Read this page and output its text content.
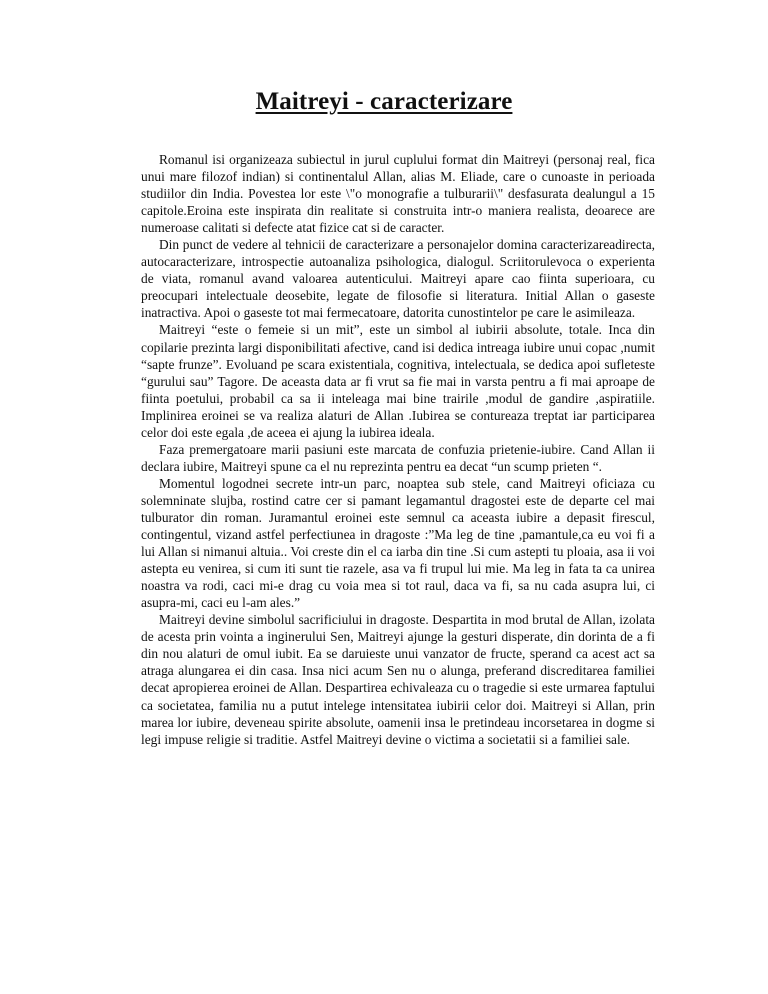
Maitreyi - caracterizare

Romanul isi organizeaza subiectul in jurul cuplului format din Maitreyi (personaj real, fica unui mare filozof indian) si continentalul Allan, alias M. Eliade, care o cunoaste in perioada studiilor din India. Povestea lor este \"o monografie a tulburarii\" desfasurata dealungul a 15 capitole.Eroina este inspirata din realitate si construita intr-o maniera realista, deoarece are numeroase calitati si defecte atat fizice cat si de caracter.

Din punct de vedere al tehnicii de caracterizare a personajelor domina caracterizareadirecta, autocaracterizare, introspectie autoanaliza psihologica, dialogul. Scriitorulevoca o experienta de viata, romanul avand valoarea autenticului. Maitreyi apare cao fiinta superioara, cu preocupari intelectuale deosebite, legate de filosofie si literatura. Initial Allan o gaseste inatractiva. Apoi o gaseste tot mai fermecatoare, datorita cunostintelor pe care le asimileaza.

Maitreyi “este o femeie si un mit”, este un simbol al iubirii absolute, totale. Inca din copilarie prezinta largi disponibilitati afective, cand isi dedica intreaga iubire unui copac ,numit “sapte frunze”. Evoluand pe scara existentiala, cognitiva, intelectuala, se dedica apoi sufleteste “gurului sau” Tagore. De aceasta data ar fi vrut sa fie mai in varsta pentru a fi mai aproape de fiinta poetului, probabil ca sa ii inteleaga mai bine trairile ,modul de gandire ,aspiratiile. Implinirea eroinei se va realiza alaturi de Allan .Iubirea se contureaza treptat iar participarea celor doi este egala ,de aceea ei ajung la iubirea ideala.

Faza premergatoare marii pasiuni este marcata de confuzia prietenie-iubire. Cand Allan ii declara iubire, Maitreyi spune ca el nu reprezinta pentru ea decat “un scump prieten “.

Momentul logodnei secrete intr-un parc, noaptea sub stele, cand Maitreyi oficiaza cu solemninate slujba, rostind catre cer si pamant legamantul dragostei este de departe cel mai tulburator din roman. Juramantul eroinei este semnul ca aceasta iubire a depasit firescul, contingentul, vizand astfel perfectiunea in dragoste :”Ma leg de tine ,pamantule,ca eu voi fi a lui Allan si nimanui altuia.. Voi creste din el ca iarba din tine .Si cum astepti tu ploaia, asa ii voi astepta eu venirea, si cum iti sunt tie razele, asa va fi trupul lui mie. Ma leg in fata ta ca unirea noastra va rodi, caci mi-e drag cu voia mea si tot raul, daca va fi, sa nu cada asupra lui, ci asupra-mi, caci eu l-am ales.”

Maitreyi devine simbolul sacrificiului in dragoste. Despartita in mod brutal de Allan, izolata de acesta prin vointa a inginerului Sen, Maitreyi ajunge la gesturi disperate, din dorinta de a fi din nou alaturi de omul iubit. Ea se daruieste unui vanzator de fructe, sperand ca acest act sa atraga alungarea ei din casa. Insa nici acum Sen nu o alunga, preferand discreditarea familiei decat apropierea eroinei de Allan. Despartirea echivaleaza cu o tragedie si este urmarea faptului ca societatea, familia nu a putut intelege intensitatea iubirii celor doi. Maitreyi si Allan, prin marea lor iubire, deveneau spirite absolute, oamenii insa le pretindeau incorsetarea in dogme si legi impuse religie si traditie. Astfel Maitreyi devine o victima a societatii si a familiei sale.
